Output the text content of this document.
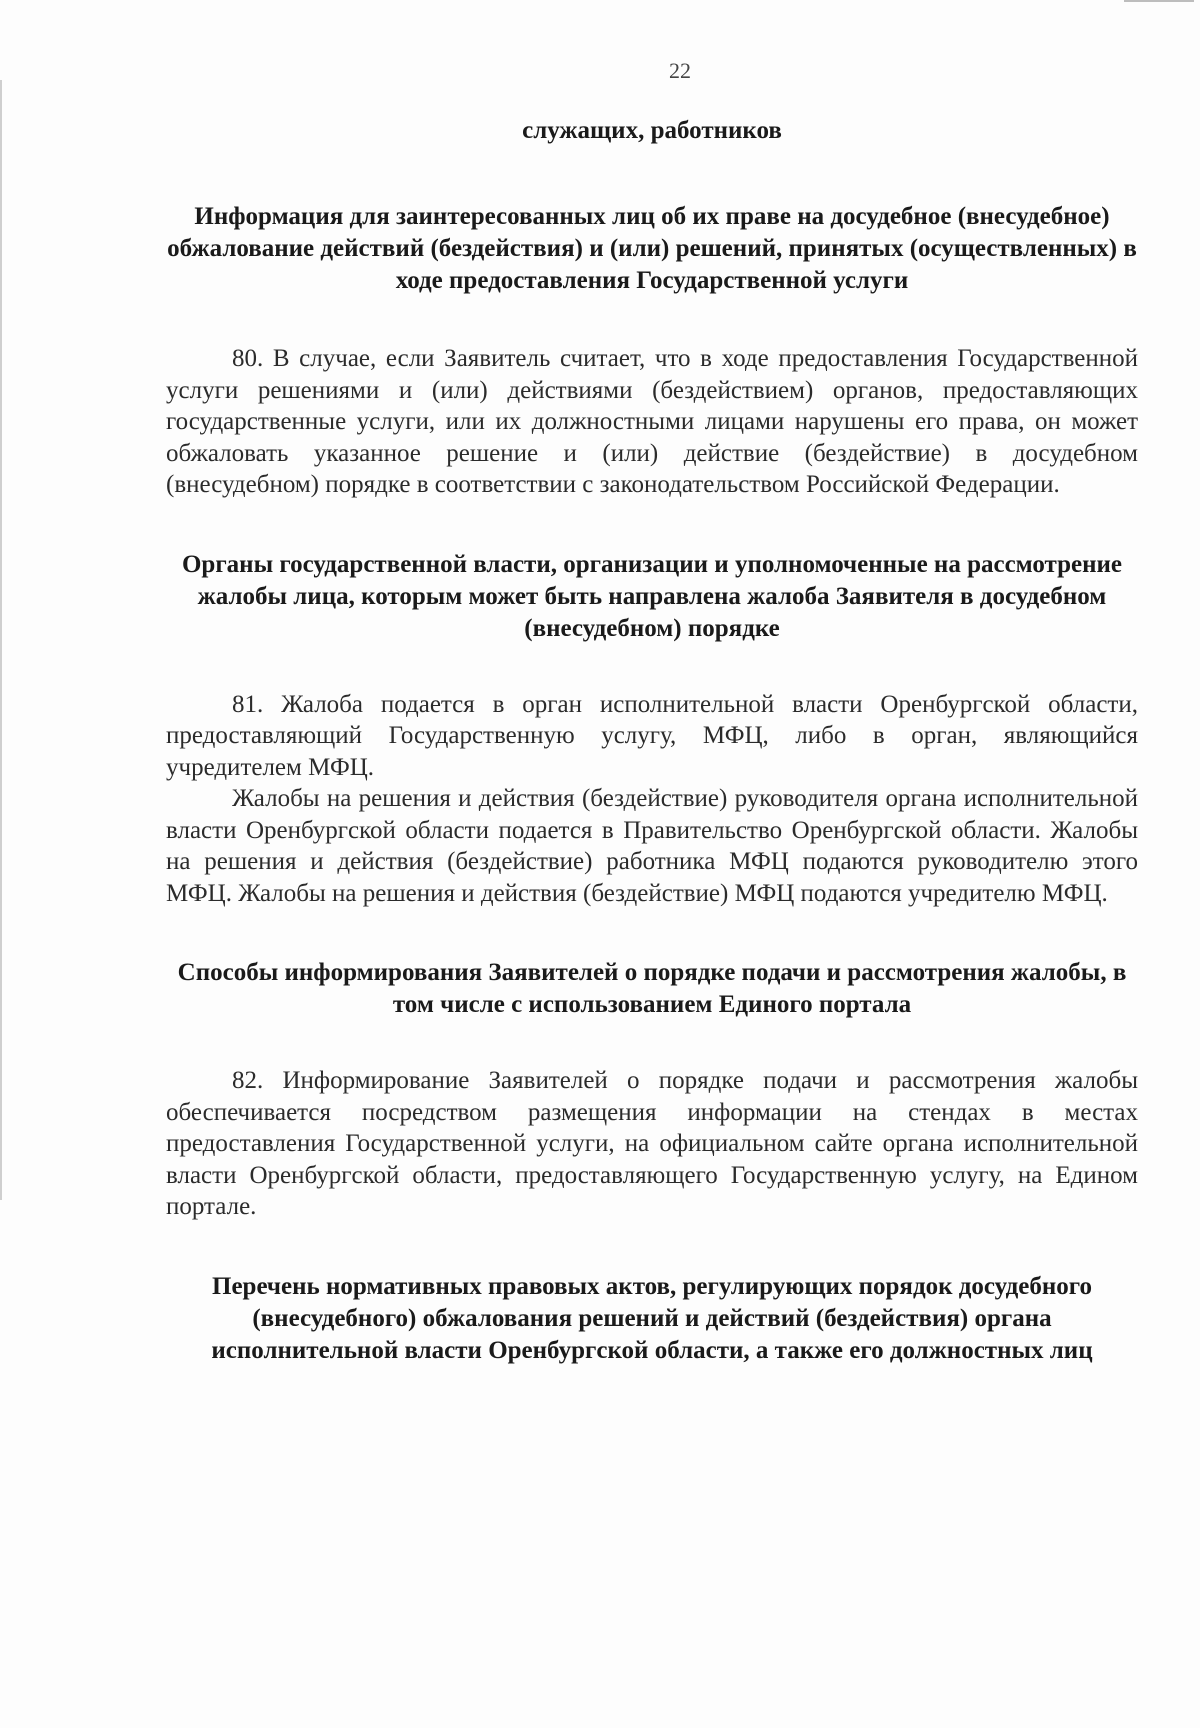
22
служащих, работников
Информация для заинтересованных лиц об их праве на досудебное (внесудебное) обжалование действий (бездействия) и (или) решений, принятых (осуществленных) в ходе предоставления Государственной услуги

80. В случае, если Заявитель считает, что в ходе предоставления Государственной услуги решениями и (или) действиями (бездействием) органов, предоставляющих государственные услуги, или их должностными лицами нарушены его права, он может обжаловать указанное решение и (или) действие (бездействие) в досудебном (внесудебном) порядке в соответствии с законодательством Российской Федерации.

Органы государственной власти, организации и уполномоченные на рассмотрение жалобы лица, которым может быть направлена жалоба Заявителя в досудебном (внесудебном) порядке

81. Жалоба подается в орган исполнительной власти Оренбургской области, предоставляющий Государственную услугу, МФЦ, либо в орган, являющийся учредителем МФЦ.

Жалобы на решения и действия (бездействие) руководителя органа исполнительной власти Оренбургской области подается в Правительство Оренбургской области. Жалобы на решения и действия (бездействие) работника МФЦ подаются руководителю этого МФЦ. Жалобы на решения и действия (бездействие) МФЦ подаются учредителю МФЦ.

Способы информирования Заявителей о порядке подачи и рассмотрения жалобы, в том числе с использованием Единого портала

82. Информирование Заявителей о порядке подачи и рассмотрения жалобы обеспечивается посредством размещения информации на стендах в местах предоставления Государственной услуги, на официальном сайте органа исполнительной власти Оренбургской области, предоставляющего Государственную услугу, на Едином портале.

Перечень нормативных правовых актов, регулирующих порядок досудебного (внесудебного) обжалования решений и действий (бездействия) органа исполнительной власти Оренбургской области, а также его должностных лиц
